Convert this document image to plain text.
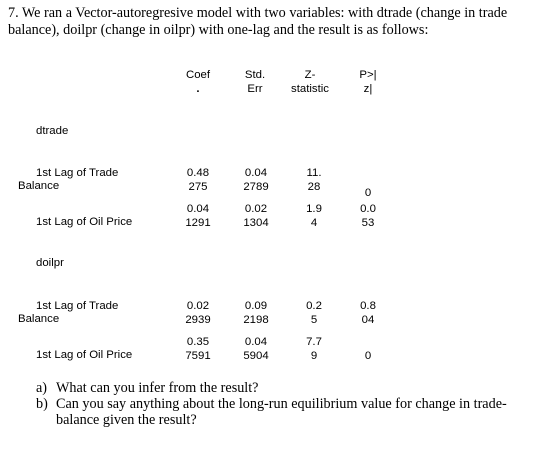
7. We ran a Vector-autoregresive model with two variables: with dtrade (change in trade balance), doilpr (change in oilpr) with one-lag and the result is as follows:
Coef
.
Std.
Err
Z-
statistic
P>|
z|
dtrade
1st Lag of Trade
Balance
0.48
275
0.04
2789
11.
28	0
1st Lag of Oil Price
0.04
1291
0.02
1304
1.9
4
0.0
53
doilpr
1st Lag of Trade
Balance
0.02
2939
0.09
2198
0.2
5
0.8
04
1st Lag of Oil Price
0.35
7591
0.04
5904
7.7
9	0
a) What can you infer from the result?
b) Can you say anything about the long-run equilibrium value for change in trade-balance given the result?
